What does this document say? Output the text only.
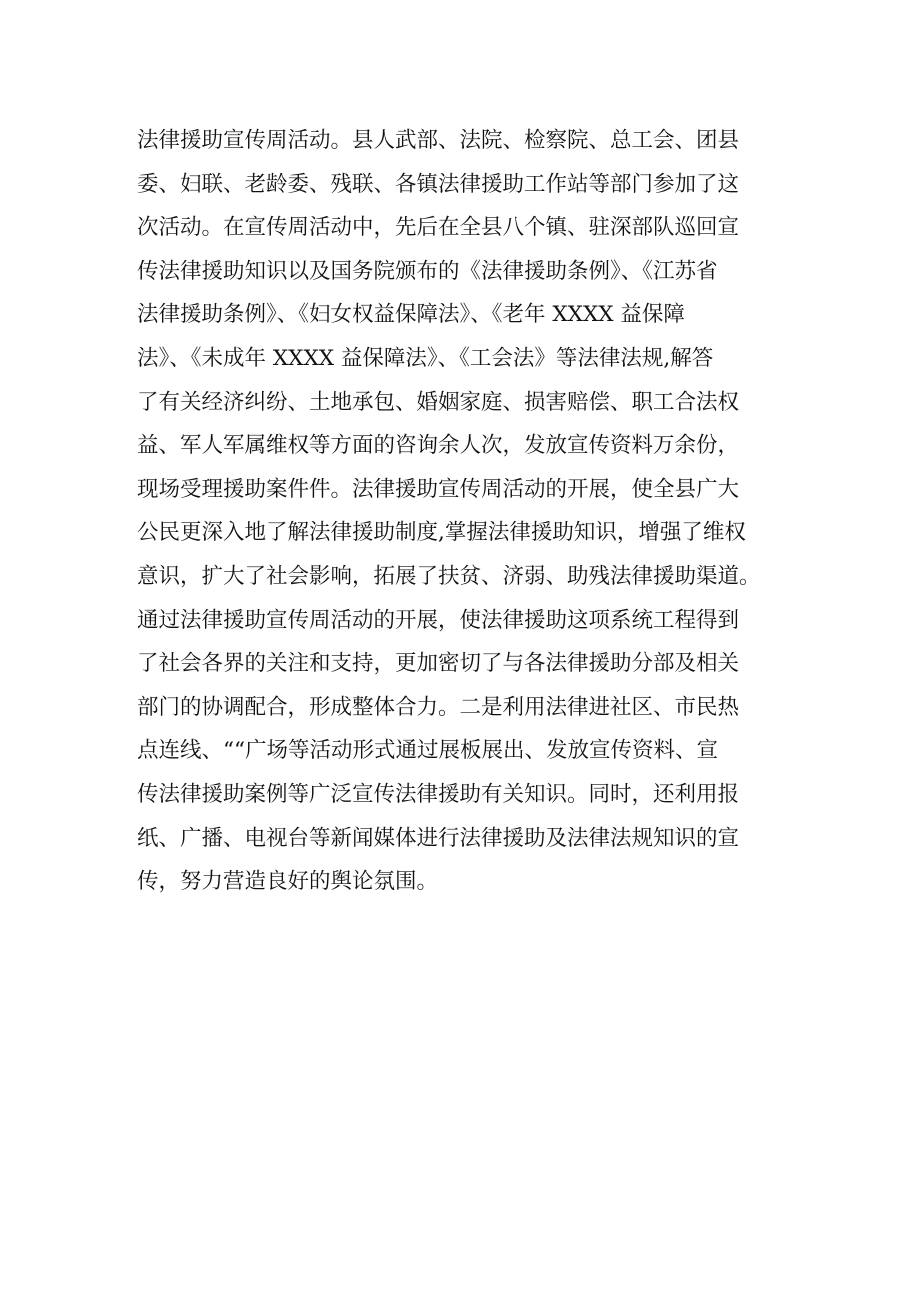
法律援助宣传周活动。县人武部、法院、检察院、总工会、团县
委、妇联、老龄委、残联、各镇法律援助工作站等部门参加了这
次活动。在宣传周活动中，先后在全县八个镇、驻深部队巡回宣
传法律援助知识以及国务院颁布的《法律援助条例》、《江苏省
法律援助条例》、《妇女权益保障法》、《老年 XXXX 益保障
法》、《未成年 XXXX 益保障法》、《工会法》等法律法规,解答
了有关经济纠纷、土地承包、婚姻家庭、损害赔偿、职工合法权
益、军人军属维权等方面的咨询余人次，发放宣传资料万余份，
现场受理援助案件件。法律援助宣传周活动的开展，使全县广大
公民更深入地了解法律援助制度,掌握法律援助知识，增强了维权
意识，扩大了社会影响，拓展了扶贫、济弱、助残法律援助渠道。
通过法律援助宣传周活动的开展，使法律援助这项系统工程得到
了社会各界的关注和支持，更加密切了与各法律援助分部及相关
部门的协调配合，形成整体合力。二是利用法律进社区、市民热
点连线、““广场等活动形式通过展板展出、发放宣传资料、宣
传法律援助案例等广泛宣传法律援助有关知识。同时，还利用报
纸、广播、电视台等新闻媒体进行法律援助及法律法规知识的宣
传，努力营造良好的舆论氛围。
